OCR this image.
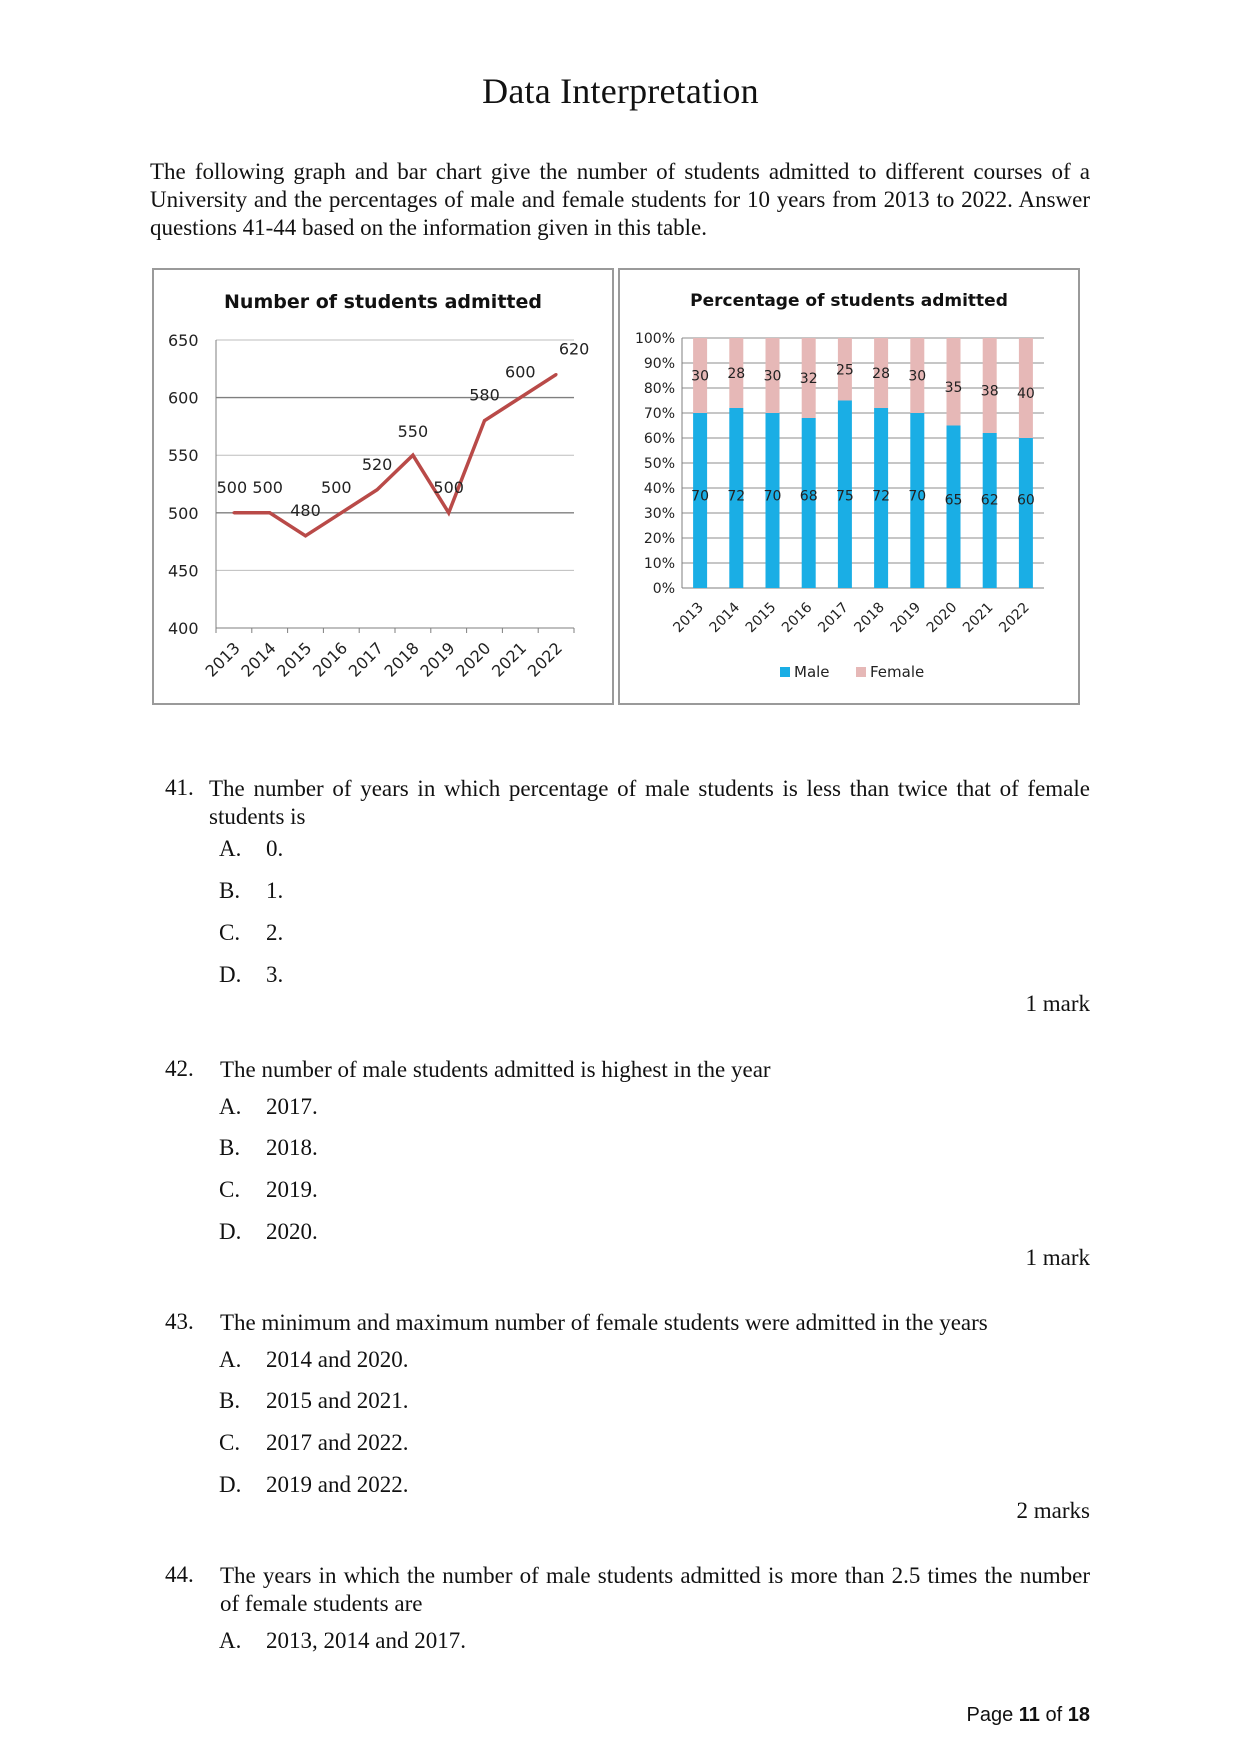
Data Interpretation
The following graph and bar chart give the number of students admitted to different courses of a University and the percentages of male and female students for 10 years from 2013 to 2022. Answer questions 41-44 based on the information given in this table.
Number of students admitted
400
450
500
550
600
650
2013
2014
2015
2016
2017
2018
2019
2020
2021
2022
500 500
480
500
520
550
500
580
600
620
Percentage of students admitted
0%
10%
20%
30%
40%
50%
60%
70%
80%
90%
100%
30
70
2013
28
72
2014
30
70
2015
32
68
2016
25
75
2017
28
72
2018
30
70
2019
35
65
2020
38
62
2021
40
60
2022
Male	Female
41. The number of years in which percentage of male students is less than twice that of female students is
A. 0.
B. 1.
C. 2.
D. 3.
1 mark
42. The number of male students admitted is highest in the year
A. 2017.
B. 2018.
C. 2019.
D. 2020.
1 mark
43. The minimum and maximum number of female students were admitted in the years
A. 2014 and 2020.
B. 2015 and 2021.
C. 2017 and 2022.
D. 2019 and 2022.
2 marks
44. The years in which the number of male students admitted is more than 2.5 times the number of female students are
A. 2013, 2014 and 2017.
Page 11 of 18
